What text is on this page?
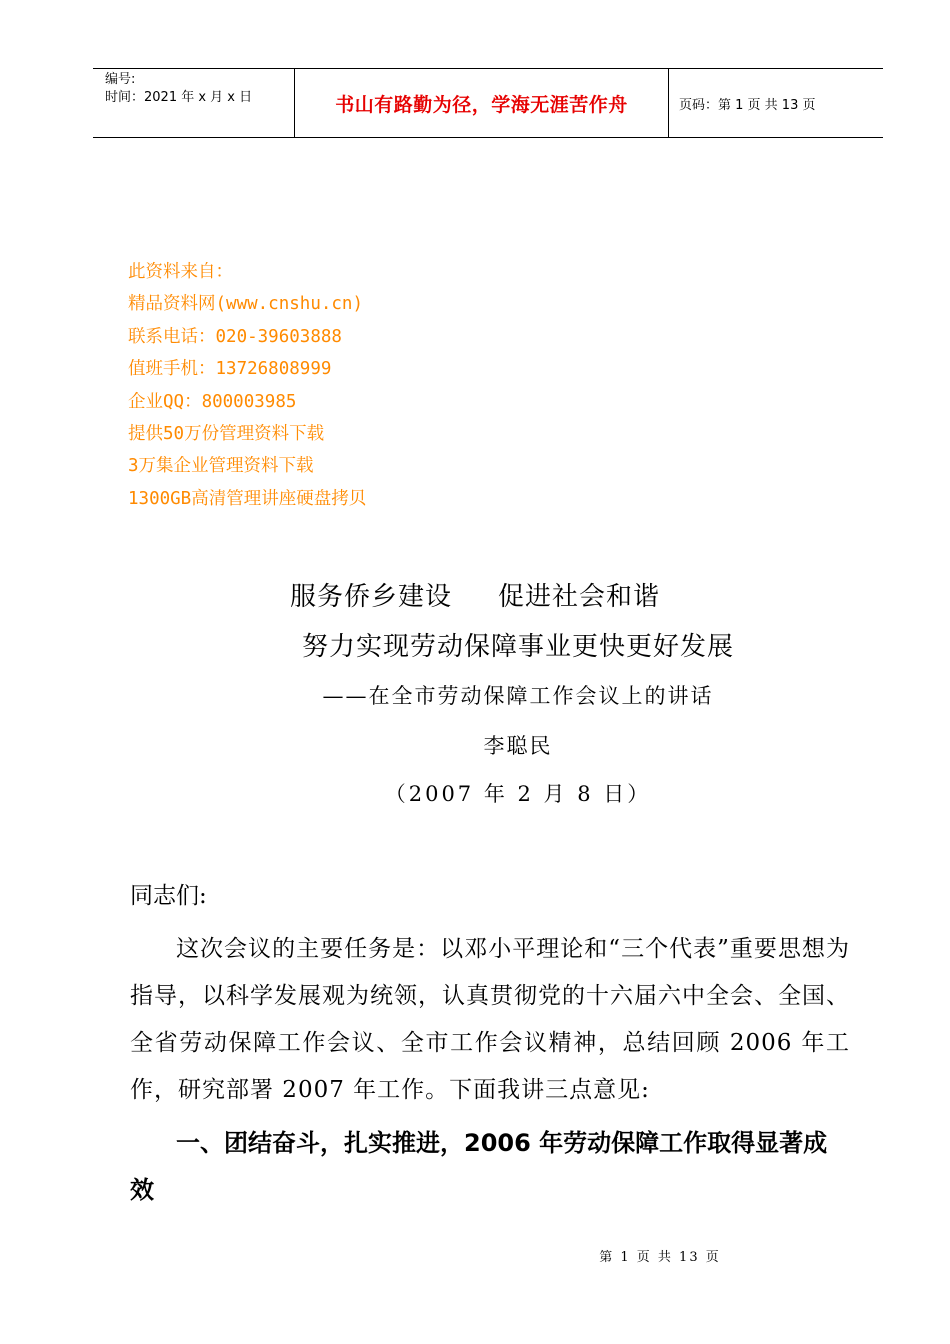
编号:
时间：2021 年 x 月 x 日	书山有路勤为径，学海无涯苦作舟	页码：第 1 页 共 13 页
此资料来自：
精品资料网(www.cnshu.cn)
联系电话：020-39603888
值班手机：13726808999
企业QQ：800003985
提供50万份管理资料下载
3万集企业管理资料下载
1300GB高清管理讲座硬盘拷贝
服务侨乡建设 促进社会和谐
努力实现劳动保障事业更快更好发展
——在全市劳动保障工作会议上的讲话
李聪民
（2007 年 2 月 8 日）
同志们:
这次会议的主要任务是：以邓小平理论和“三个代表”重要思想为指导，以科学发展观为统领，认真贯彻党的十六届六中全会、全国、全省劳动保障工作会议、全市工作会议精神，总结回顾 2006 年工作，研究部署 2007 年工作。下面我讲三点意见:
一、团结奋斗，扎实推进，2006 年劳动保障工作取得显著成效
第 1 页 共 13 页
